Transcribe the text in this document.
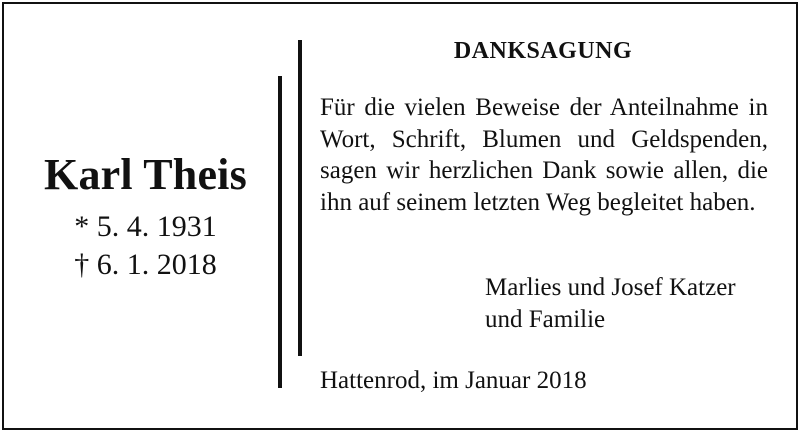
Karl Theis

* 5. 4. 1931

† 6. 1. 2018

DANKSAGUNG

Für die vielen Beweise der Anteilnahme in Wort, Schrift, Blumen und Geldspenden, sagen wir herzlichen Dank sowie allen, die ihn auf seinem letzten Weg begleitet haben.

Marlies und Josef Katzer
und Familie

Hattenrod, im Januar 2018
